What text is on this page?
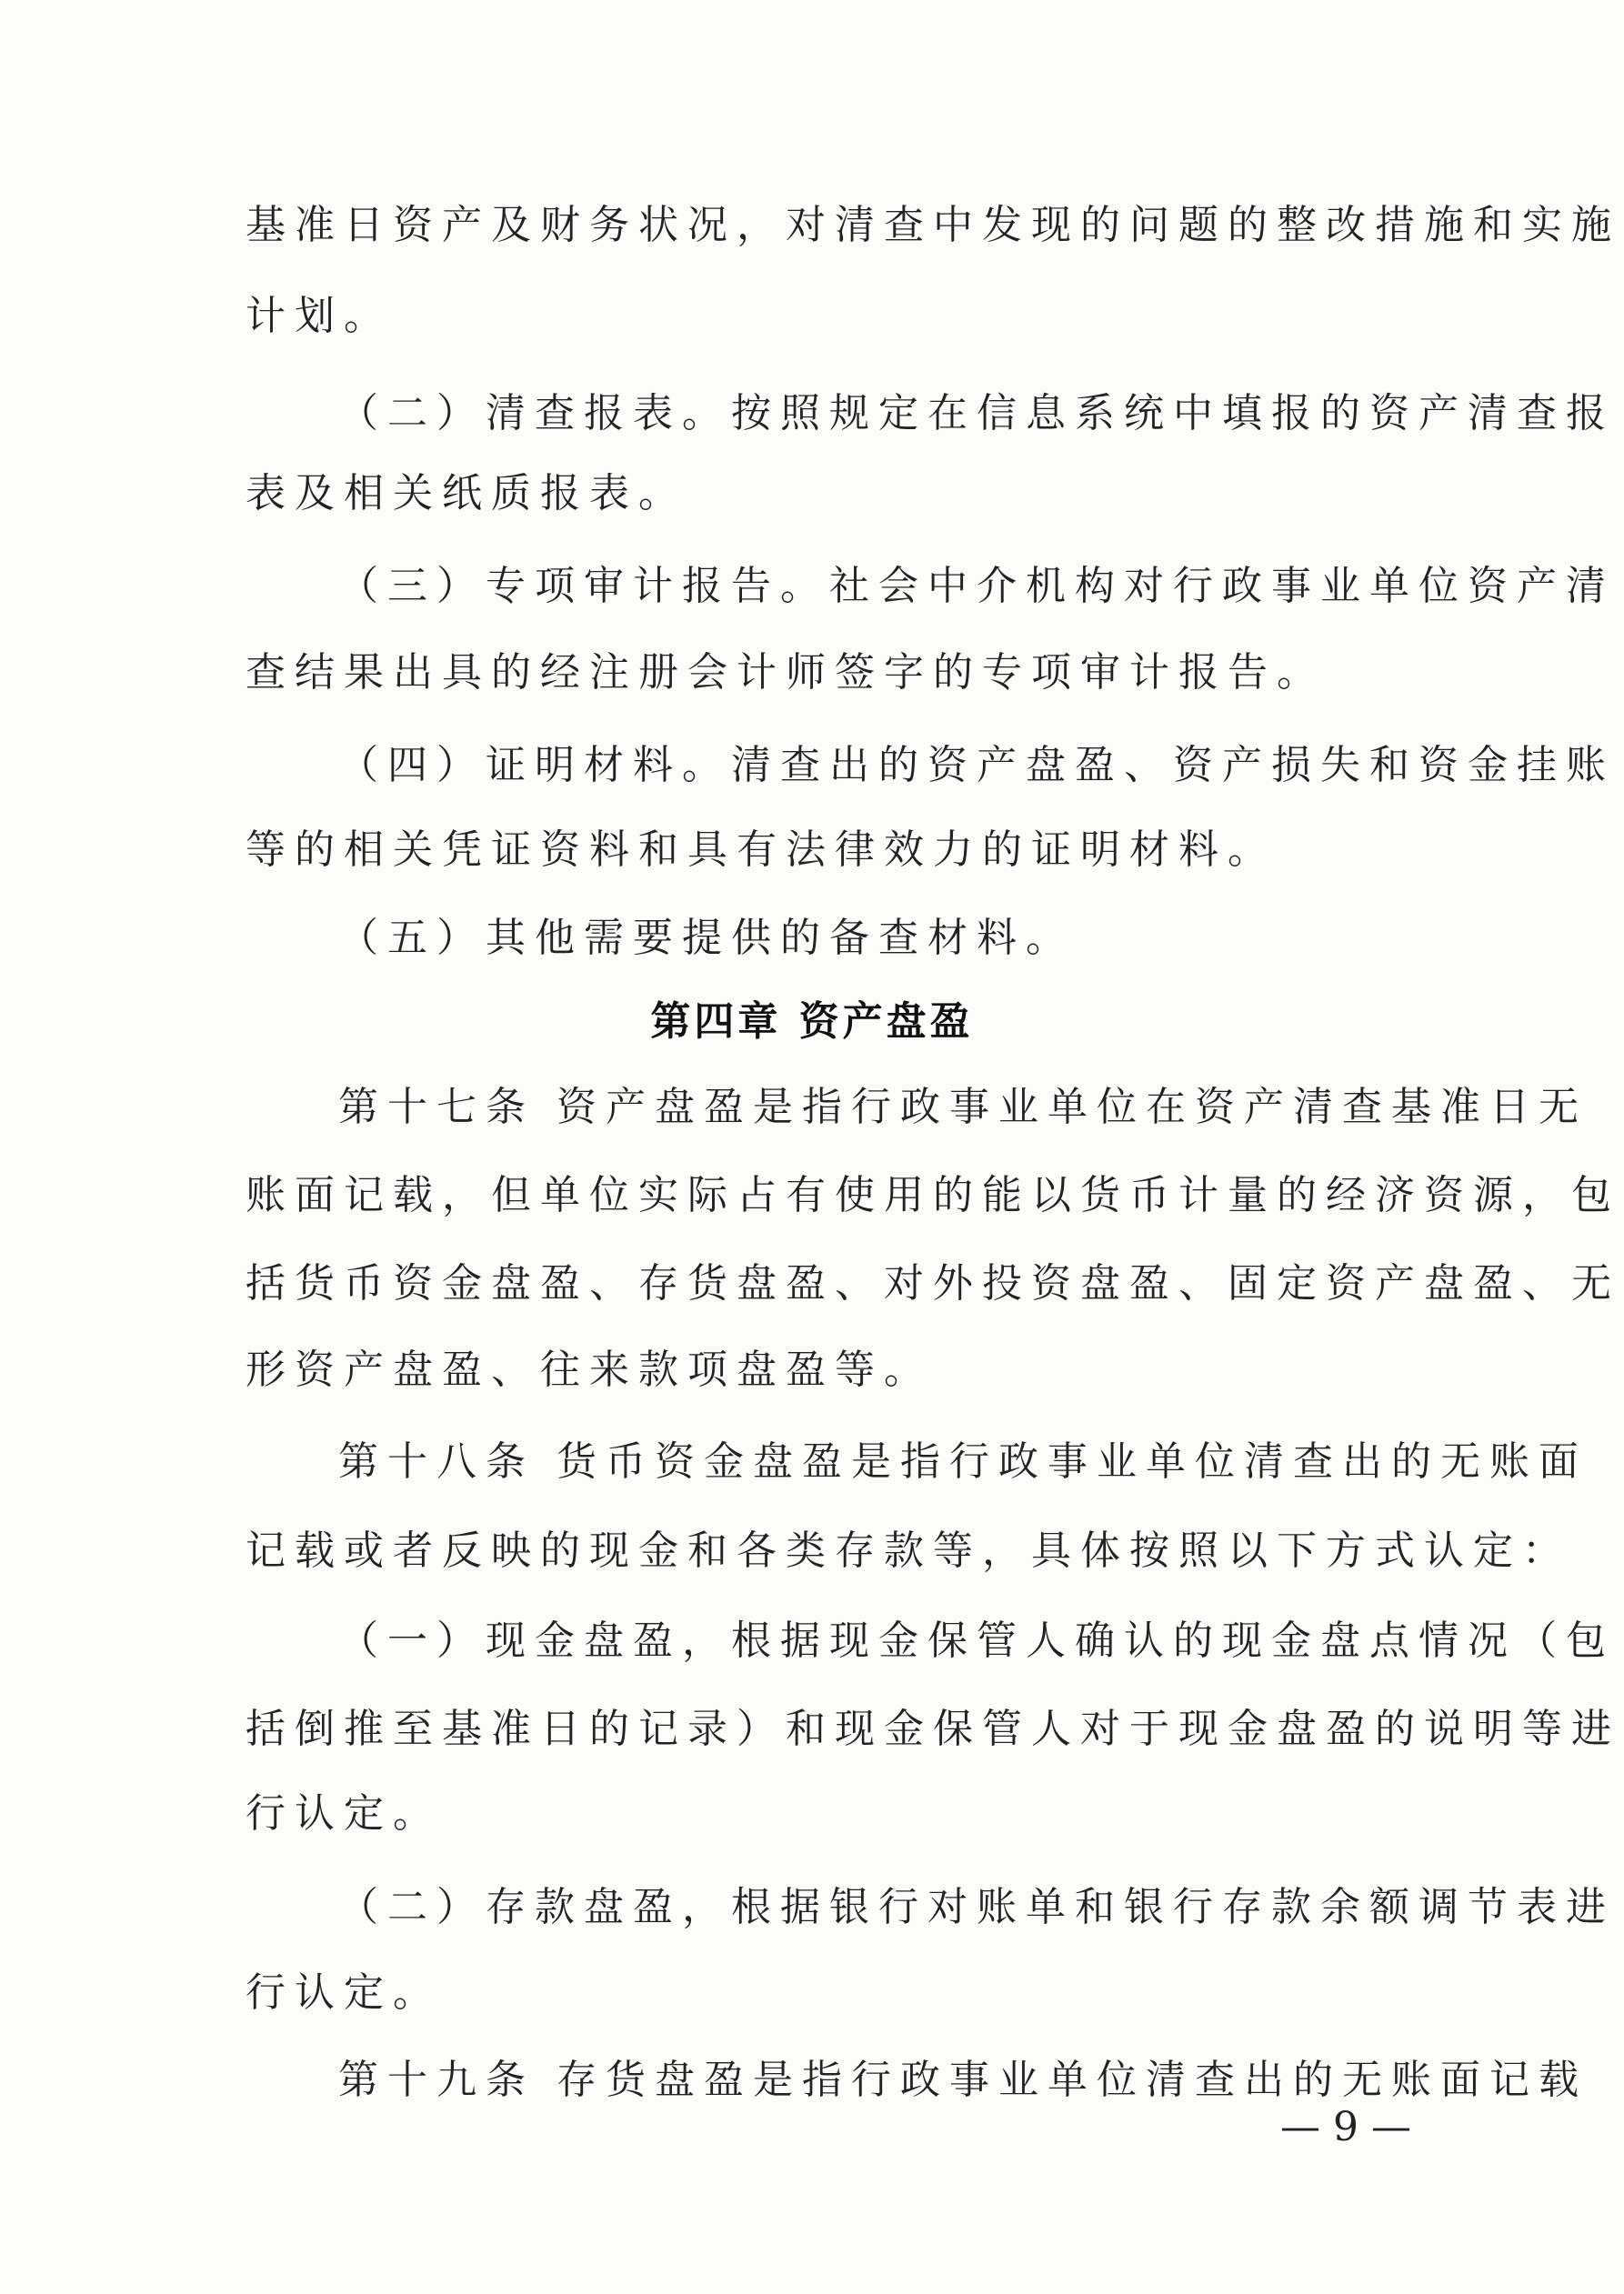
基准日资产及财务状况，对清查中发现的问题的整改措施和实施

计划。

（二）清查报表。按照规定在信息系统中填报的资产清查报

表及相关纸质报表。

（三）专项审计报告。社会中介机构对行政事业单位资产清

查结果出具的经注册会计师签字的专项审计报告。

（四）证明材料。清查出的资产盘盈、资产损失和资金挂账

等的相关凭证资料和具有法律效力的证明材料。

（五）其他需要提供的备查材料。

第四章 资产盘盈

第十七条 资产盘盈是指行政事业单位在资产清查基准日无

账面记载，但单位实际占有使用的能以货币计量的经济资源，包

括货币资金盘盈、存货盘盈、对外投资盘盈、固定资产盘盈、无

形资产盘盈、往来款项盘盈等。

第十八条 货币资金盘盈是指行政事业单位清查出的无账面

记载或者反映的现金和各类存款等，具体按照以下方式认定：

（一）现金盘盈，根据现金保管人确认的现金盘点情况（包

括倒推至基准日的记录）和现金保管人对于现金盘盈的说明等进

行认定。

（二）存款盘盈，根据银行对账单和银行存款余额调节表进

行认定。

第十九条 存货盘盈是指行政事业单位清查出的无账面记载

— 9 —
